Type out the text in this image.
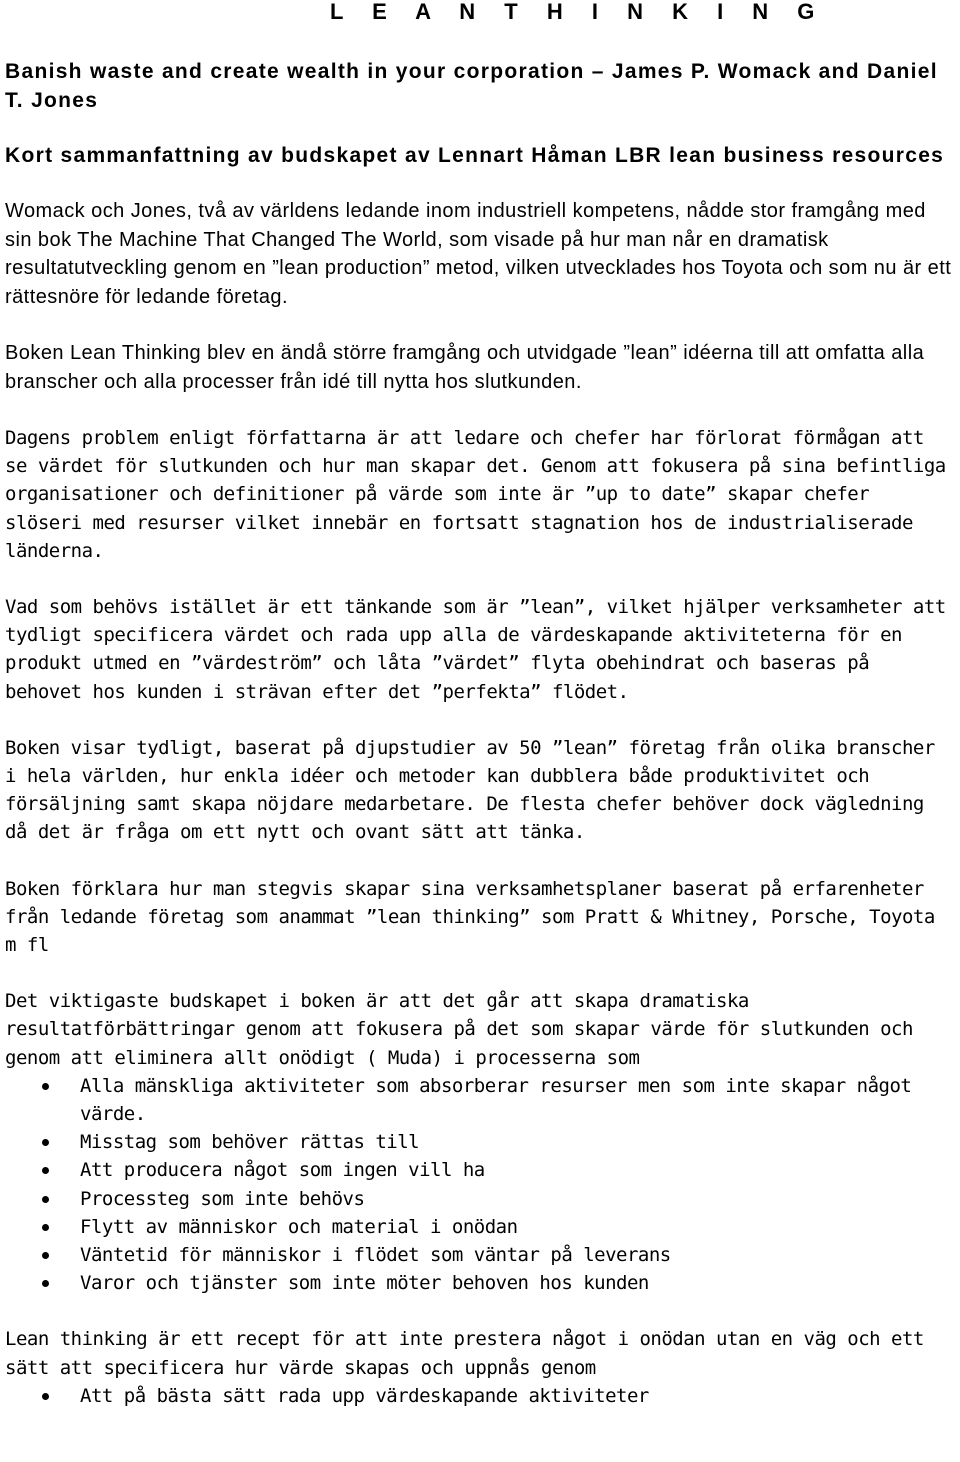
L E A N T H I N K I N G

Banish waste and create wealth in your corporation – James P. Womack and Daniel T. Jones

Kort sammanfattning av budskapet av Lennart Håman LBR lean business resources

Womack och Jones, två av världens ledande inom industriell kompetens, nådde stor framgång med sin bok The Machine That Changed The World, som visade på hur man når en dramatisk resultatutveckling genom en ”lean production” metod, vilken utvecklades hos Toyota och som nu är ett rättesnöre för ledande företag.

Boken Lean Thinking blev en ändå större framgång och utvidgade ”lean” idéerna till att omfatta alla branscher och alla processer från idé till nytta hos slutkunden.

Dagens problem enligt författarna är att ledare och chefer har förlorat förmågan att se värdet för slutkunden och hur man skapar det. Genom att fokusera på sina befintliga organisationer och definitioner på värde som inte är ”up to date” skapar chefer slöseri med resurser vilket innebär en fortsatt stagnation hos de industrialiserade länderna.

Vad som behövs istället är ett tänkande som är ”lean”, vilket hjälper verksamheter att tydligt specificera värdet och rada upp alla de värdeskapande aktiviteterna för en produkt utmed en ”värdeström” och låta ”värdet” flyta obehindrat och baseras på behovet hos kunden i strävan efter det ”perfekta” flödet.

Boken visar tydligt, baserat på djupstudier av 50 ”lean” företag från olika branscher i hela världen, hur enkla idéer och metoder kan dubblera både produktivitet och försäljning samt skapa nöjdare medarbetare. De flesta chefer behöver dock vägledning då det är fråga om ett nytt och ovant sätt att tänka.

Boken förklara hur man stegvis skapar sina verksamhetsplaner baserat på erfarenheter från ledande företag som anammat ”lean thinking” som Pratt & Whitney, Porsche, Toyota m fl

Det viktigaste budskapet i boken är att det går att skapa dramatiska resultatförbättringar genom att fokusera på det som skapar värde för slutkunden och genom att eliminera allt onödigt ( Muda) i processerna som

Alla mänskliga aktiviteter som absorberar resurser men som inte skapar något värde.
Misstag som behöver rättas till
Att producera något som ingen vill ha
Processteg som inte behövs
Flytt av människor och material i onödan
Väntetid för människor i flödet som väntar på leverans
Varor och tjänster som inte möter behoven hos kunden

Lean thinking är ett recept för att inte prestera något i onödan utan en väg och ett sätt att specificera hur värde skapas och uppnås genom

Att på bästa sätt rada upp värdeskapande aktiviteter
